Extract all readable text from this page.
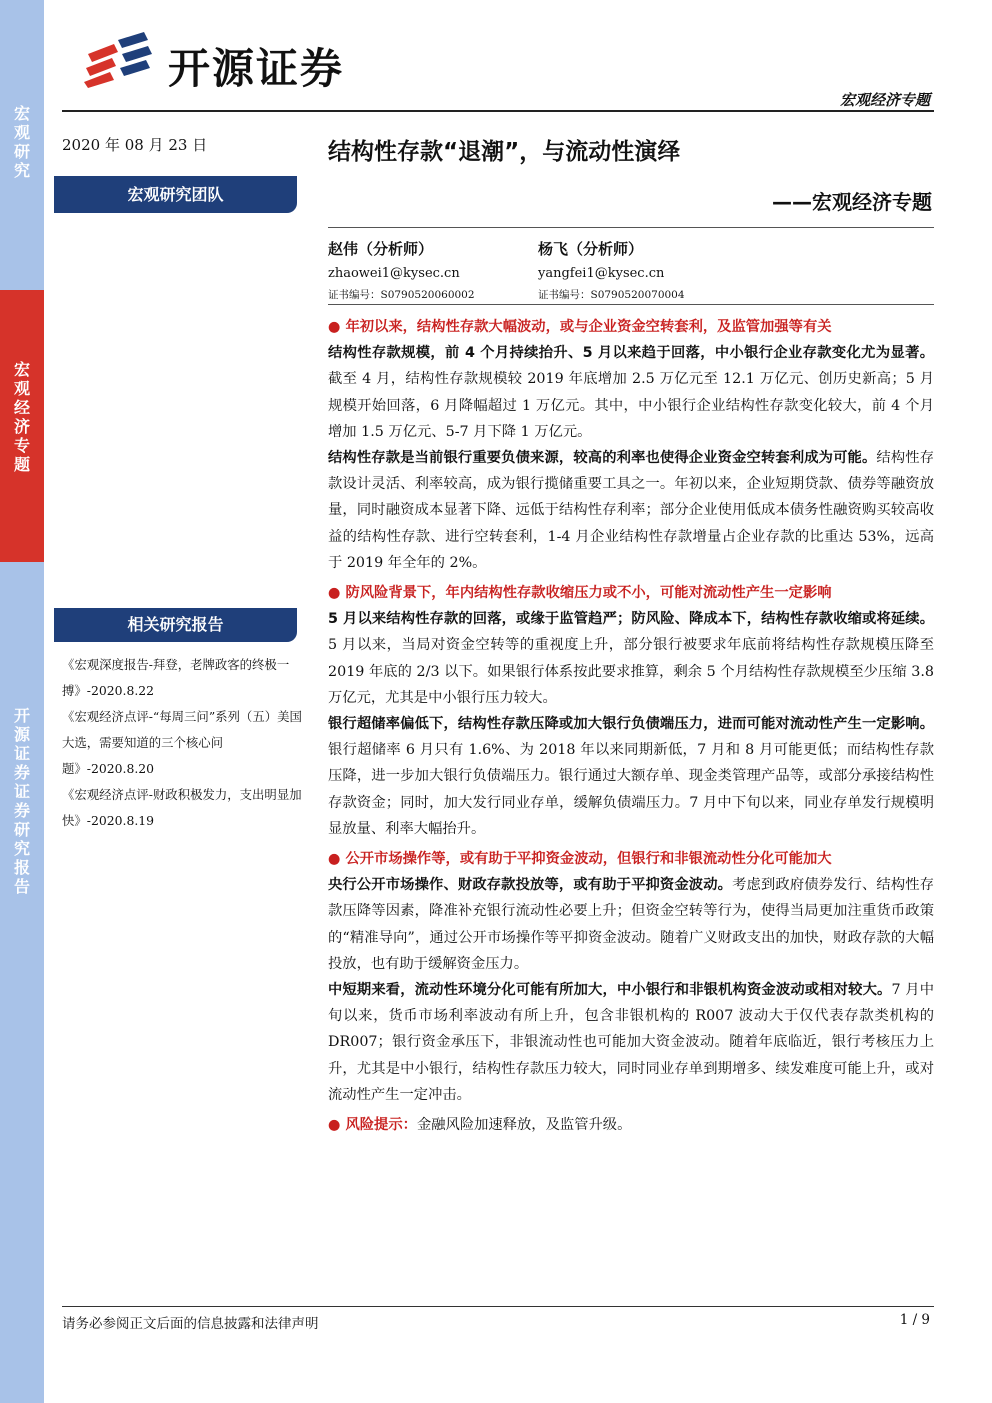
宏观研究
宏观经济专题
开源证券 证券研究报告
开源证券
宏观经济专题
2020 年 08 月 23 日
宏观研究团队
结构性存款“退潮”，与流动性演绎
——宏观经济专题
赵伟（分析师）
zhaowei1@kysec.cn
证书编号：S0790520060002
杨飞（分析师）
yangfei1@kysec.cn
证书编号：S0790520070004
相关研究报告

《宏观深度报告-拜登，老牌政客的终极一搏》-2020.8.22

《宏观经济点评-“每周三问”系列（五）美国大选，需要知道的三个核心问题》-2020.8.20

《宏观经济点评-财政积极发力，支出明显加快》-2020.8.19

● 年初以来，结构性存款大幅波动，或与企业资金空转套利，及监管加强等有关
结构性存款规模，前 4 个月持续抬升、5 月以来趋于回落，中小银行企业存款变化尤为显著。截至 4 月，结构性存款规模较 2019 年底增加 2.5 万亿元至 12.1 万亿元、创历史新高；5 月规模开始回落，6 月降幅超过 1 万亿元。其中，中小银行企业结构性存款变化较大，前 4 个月增加 1.5 万亿元、5-7 月下降 1 万亿元。
结构性存款是当前银行重要负债来源，较高的利率也使得企业资金空转套利成为可能。结构性存款设计灵活、利率较高，成为银行揽储重要工具之一。年初以来，企业短期贷款、债券等融资放量，同时融资成本显著下降、远低于结构性存利率；部分企业使用低成本债务性融资购买较高收益的结构性存款、进行空转套利，1-4 月企业结构性存款增量占企业存款的比重达 53%，远高于 2019 年全年的 2%。

● 防风险背景下，年内结构性存款收缩压力或不小，可能对流动性产生一定影响
5 月以来结构性存款的回落，或缘于监管趋严；防风险、降成本下，结构性存款收缩或将延续。5 月以来，当局对资金空转等的重视度上升，部分银行被要求年底前将结构性存款规模压降至 2019 年底的 2/3 以下。如果银行体系按此要求推算，剩余 5 个月结构性存款规模至少压缩 3.8 万亿元，尤其是中小银行压力较大。
银行超储率偏低下，结构性存款压降或加大银行负债端压力，进而可能对流动性产生一定影响。银行超储率 6 月只有 1.6%、为 2018 年以来同期新低，7 月和 8 月可能更低；而结构性存款压降，进一步加大银行负债端压力。银行通过大额存单、现金类管理产品等，或部分承接结构性存款资金；同时，加大发行同业存单，缓解负债端压力。7 月中下旬以来，同业存单发行规模明显放量、利率大幅抬升。

● 公开市场操作等，或有助于平抑资金波动，但银行和非银流动性分化可能加大
央行公开市场操作、财政存款投放等，或有助于平抑资金波动。考虑到政府债券发行、结构性存款压降等因素，降准补充银行流动性必要上升；但资金空转等行为，使得当局更加注重货币政策的“精准导向”，通过公开市场操作等平抑资金波动。随着广义财政支出的加快，财政存款的大幅投放，也有助于缓解资金压力。
中短期来看，流动性环境分化可能有所加大，中小银行和非银机构资金波动或相对较大。7 月中旬以来，货币市场利率波动有所上升，包含非银机构的 R007 波动大于仅代表存款类机构的 DR007；银行资金承压下，非银流动性也可能加大资金波动。随着年底临近，银行考核压力上升，尤其是中小银行，结构性存款压力较大，同时同业存单到期增多、续发难度可能上升，或对流动性产生一定冲击。

● 风险提示：金融风险加速释放，及监管升级。

请务必参阅正文后面的信息披露和法律声明	1 / 9
